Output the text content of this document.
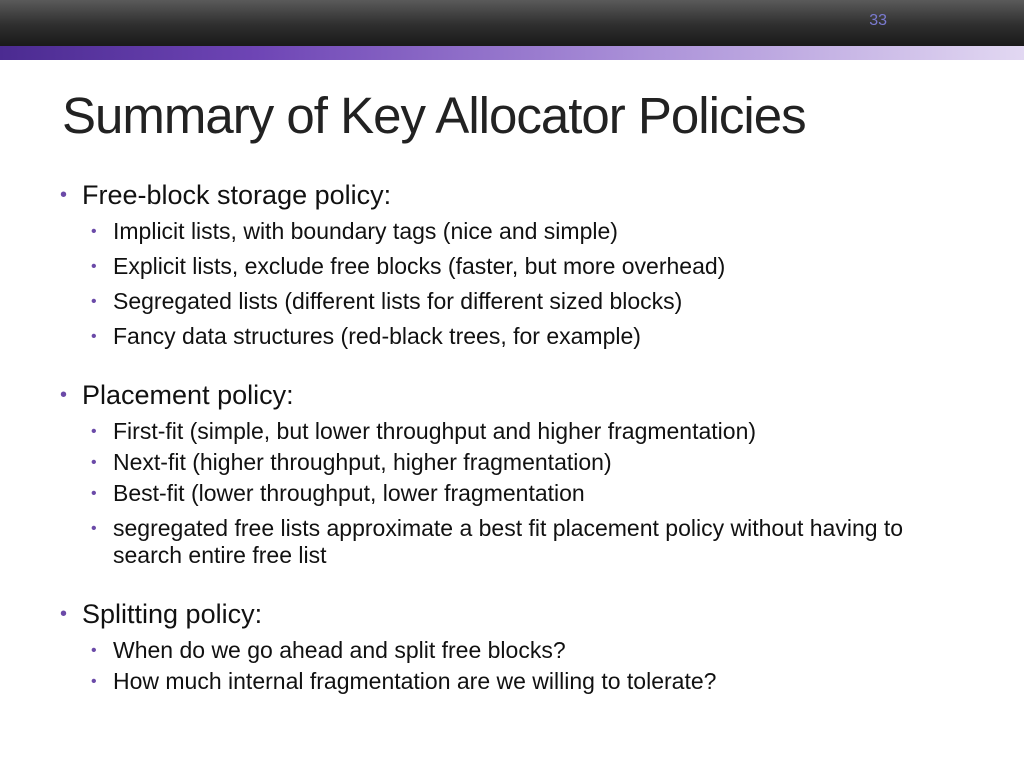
33
Summary of Key Allocator Policies
• Free-block storage policy:
• Implicit lists, with boundary tags (nice and simple)
• Explicit lists, exclude free blocks (faster, but more overhead)
• Segregated lists (different lists for different sized blocks)
• Fancy data structures (red-black trees, for example)
• Placement policy:
• First-fit (simple, but lower throughput and higher fragmentation)
• Next-fit (higher throughput, higher fragmentation)
• Best-fit (lower throughput, lower fragmentation
• segregated free lists approximate a best fit placement policy without having to search entire free list
• Splitting policy:
• When do we go ahead and split free blocks?
• How much internal fragmentation are we willing to tolerate?
